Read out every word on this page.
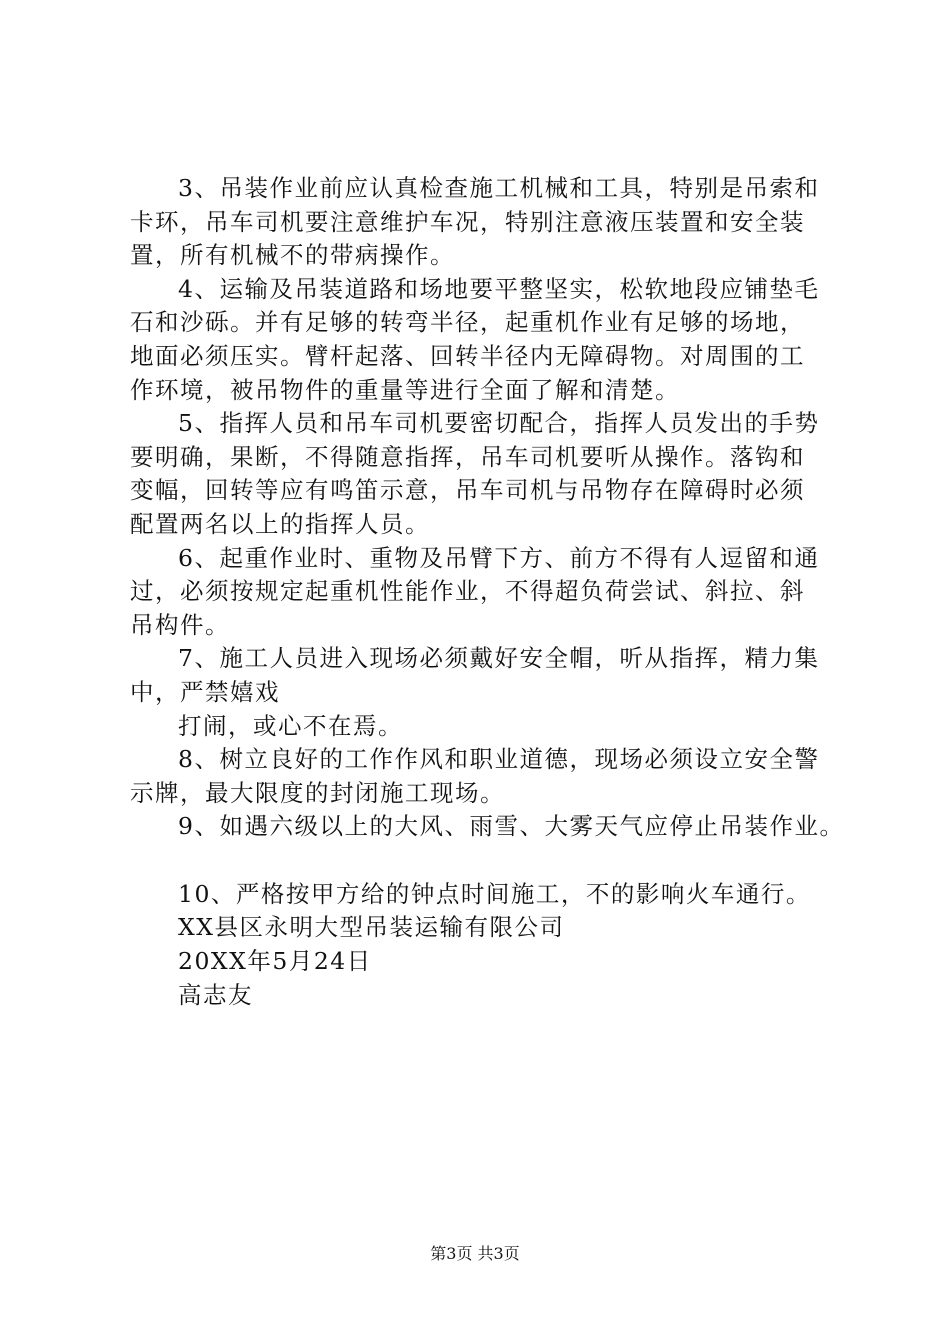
3、吊装作业前应认真检查施工机械和工具，特别是吊索和
卡环，吊车司机要注意维护车况，特别注意液压装置和安全装
置，所有机械不的带病操作。
4、运输及吊装道路和场地要平整坚实，松软地段应铺垫毛
石和沙砾。并有足够的转弯半径，起重机作业有足够的场地，
地面必须压实。臂杆起落、回转半径内无障碍物。对周围的工
作环境，被吊物件的重量等进行全面了解和清楚。
5、指挥人员和吊车司机要密切配合，指挥人员发出的手势
要明确，果断，不得随意指挥，吊车司机要听从操作。落钩和
变幅，回转等应有鸣笛示意，吊车司机与吊物存在障碍时必须
配置两名以上的指挥人员。
6、起重作业时、重物及吊臂下方、前方不得有人逗留和通
过，必须按规定起重机性能作业，不得超负荷尝试、斜拉、斜
吊构件。
7、施工人员进入现场必须戴好安全帽，听从指挥，精力集
中，严禁嬉戏
打闹，或心不在焉。
8、树立良好的工作作风和职业道德，现场必须设立安全警
示牌，最大限度的封闭施工现场。
9、如遇六级以上的大风、雨雪、大雾天气应停止吊装作业。
10、严格按甲方给的钟点时间施工，不的影响火车通行。
XX县区永明大型吊装运输有限公司
20XX年5月24日
高志友
第3页 共3页
